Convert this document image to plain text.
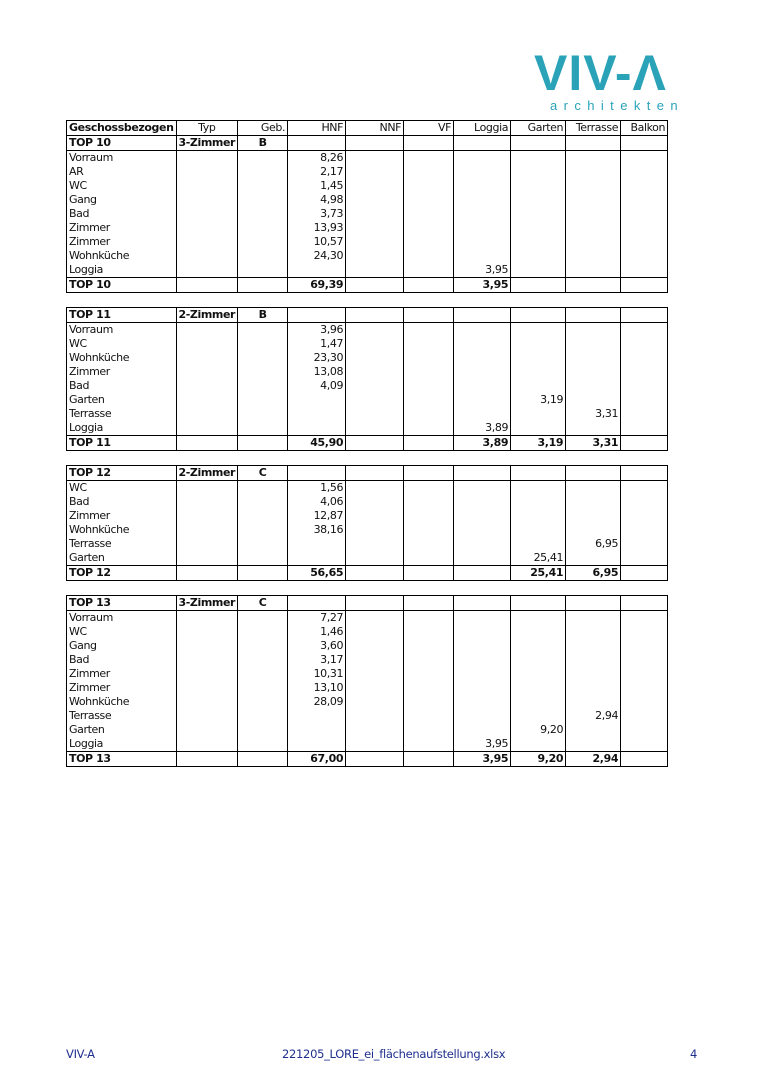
VIV-Λ
architekten
Geschossbezogen	Typ	Geb.	HNF	NNF	VF	Loggia	Garten	Terrasse	Balkon
TOP 10	3-Zimmer	B							
Vorraum			8,26						
AR			2,17						
WC			1,45						
Gang			4,98						
Bad			3,73						
Zimmer			13,93						
Zimmer			10,57						
Wohnküche			24,30						
Loggia						3,95			
TOP 10			69,39			3,95			

TOP 11	2-Zimmer	B							
Vorraum			3,96						
WC			1,47						
Wohnküche			23,30						
Zimmer			13,08						
Bad			4,09						
Garten							3,19		
Terrasse								3,31	
Loggia						3,89			
TOP 11			45,90			3,89	3,19	3,31	

TOP 12	2-Zimmer	C							
WC			1,56						
Bad			4,06						
Zimmer			12,87						
Wohnküche			38,16						
Terrasse								6,95	
Garten							25,41		
TOP 12			56,65				25,41	6,95	

TOP 13	3-Zimmer	C							
Vorraum			7,27						
WC			1,46						
Gang			3,60						
Bad			3,17						
Zimmer			10,31						
Zimmer			13,10						
Wohnküche			28,09						
Terrasse								2,94	
Garten							9,20		
Loggia						3,95			
TOP 13			67,00			3,95	9,20	2,94	
VIV-A	221205_LORE_ei_flächenaufstellung.xlsx	4
